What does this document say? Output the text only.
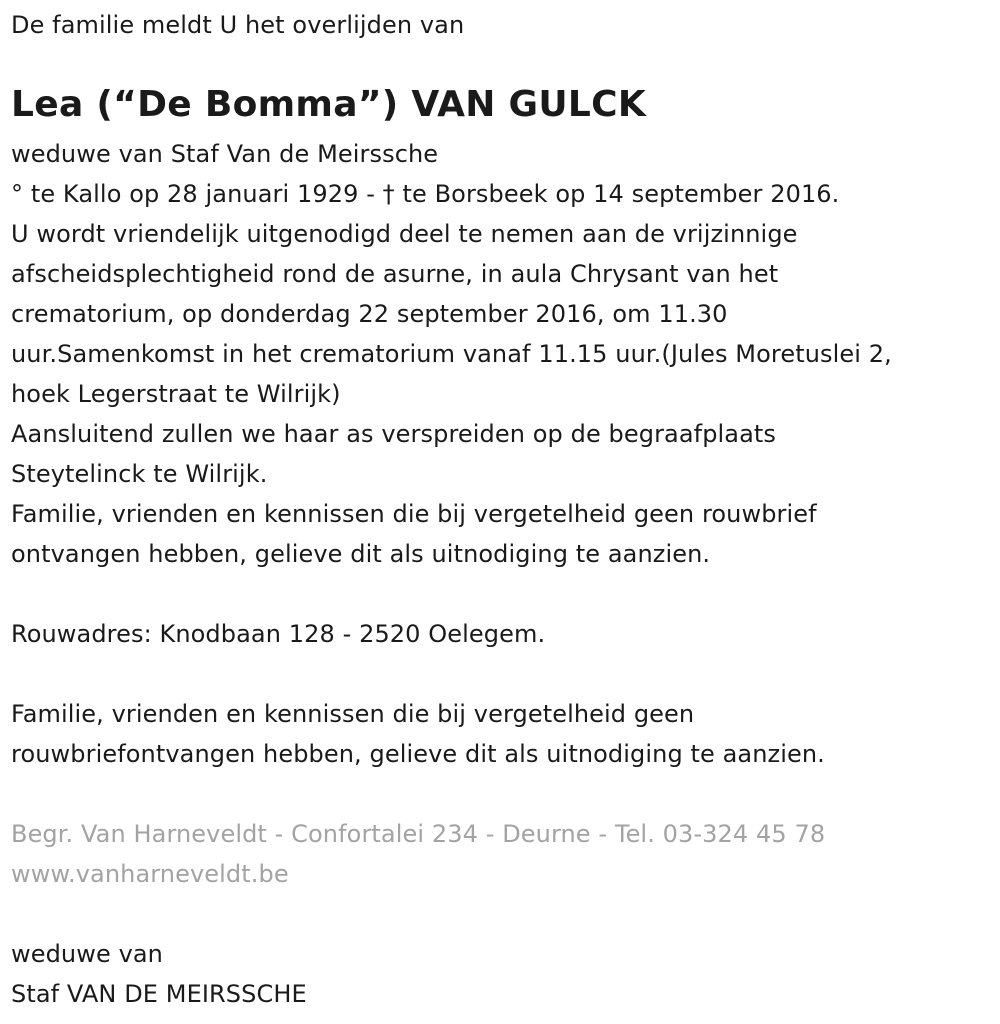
De familie meldt U het overlijden van
Lea (“De Bomma”) VAN GULCK
weduwe van Staf Van de Meirssche
° te Kallo op 28 januari 1929 - † te Borsbeek op 14 september 2016.
U wordt vriendelijk uitgenodigd deel te nemen aan de vrijzinnige
afscheidsplechtigheid rond de asurne, in aula Chrysant van het
crematorium, op donderdag 22 september 2016, om 11.30
uur.Samenkomst in het crematorium vanaf 11.15 uur.(Jules Moretuslei 2,
hoek Legerstraat te Wilrijk)
Aansluitend zullen we haar as verspreiden op de begraafplaats
Steytelinck te Wilrijk.
Familie, vrienden en kennissen die bij vergetelheid geen rouwbrief
ontvangen hebben, gelieve dit als uitnodiging te aanzien.
Rouwadres: Knodbaan 128 - 2520 Oelegem.
Familie, vrienden en kennissen die bij vergetelheid geen
rouwbriefontvangen hebben, gelieve dit als uitnodiging te aanzien.
Begr. Van Harneveldt - Confortalei 234 - Deurne - Tel. 03-324 45 78
www.vanharneveldt.be
weduwe van
Staf VAN DE MEIRSSCHE
